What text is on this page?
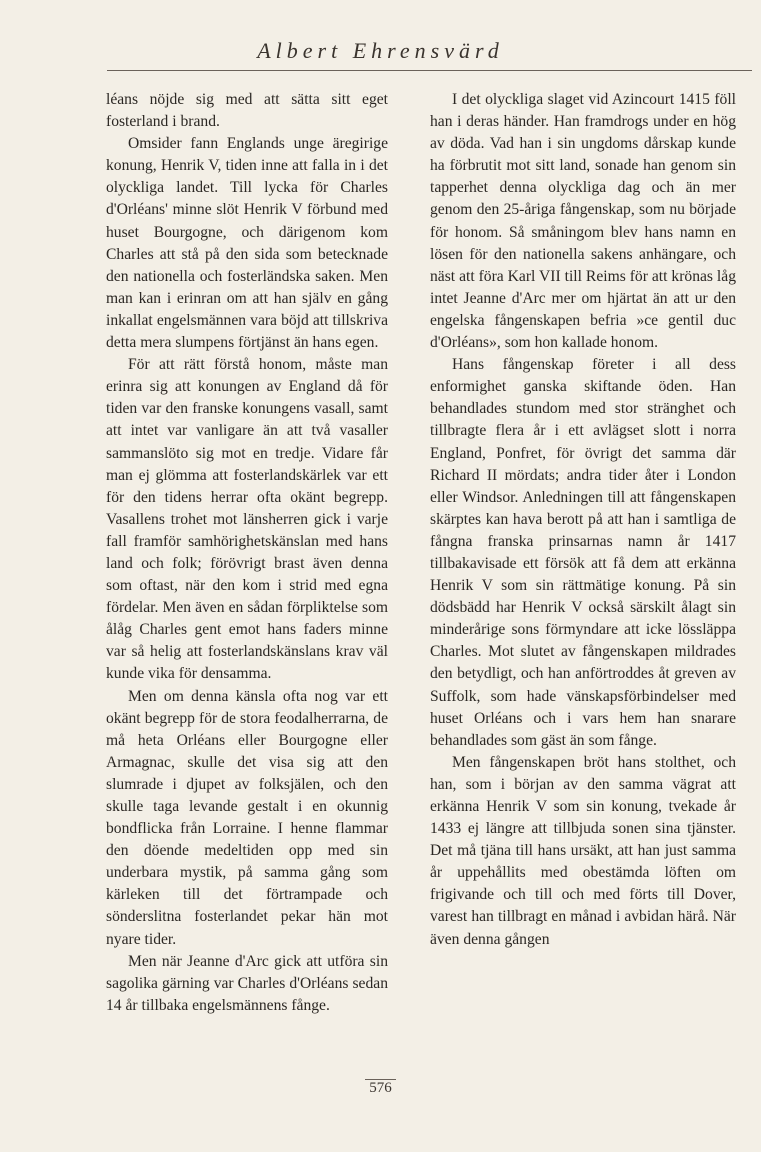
Albert Ehrensvärd

léans nöjde sig med att sätta sitt eget fosterland i brand.

Omsider fann Englands unge äregirige konung, Henrik V, tiden inne att falla in i det olyckliga landet. Till lycka för Charles d'Orléans' minne slöt Henrik V förbund med huset Bourgogne, och därigenom kom Charles att stå på den sida som betecknade den nationella och fosterländska saken. Men man kan i erinran om att han själv en gång inkallat engelsmännen vara böjd att tillskriva detta mera slumpens förtjänst än hans egen.

För att rätt förstå honom, måste man erinra sig att konungen av England då för tiden var den franske konungens vasall, samt att intet var vanligare än att två vasaller sammanslöto sig mot en tredje. Vidare får man ej glömma att fosterlandskärlek var ett för den tidens herrar ofta okänt begrepp. Vasallens trohet mot länsherren gick i varje fall framför samhörighetskänslan med hans land och folk; förövrigt brast även denna som oftast, när den kom i strid med egna fördelar. Men även en sådan förpliktelse som ålåg Charles gent emot hans faders minne var så helig att fosterlandskänslans krav väl kunde vika för densamma.

Men om denna känsla ofta nog var ett okänt begrepp för de stora feodalherrarna, de må heta Orléans eller Bourgogne eller Armagnac, skulle det visa sig att den slumrade i djupet av folksjälen, och den skulle taga levande gestalt i en okunnig bondflicka från Lorraine. I henne flammar den döende medeltiden opp med sin underbara mystik, på samma gång som kärleken till det förtrampade och sönderslitna fosterlandet pekar hän mot nyare tider.

Men när Jeanne d'Arc gick att utföra sin sagolika gärning var Charles d'Orléans sedan 14 år tillbaka engelsmännens fånge.

I det olyckliga slaget vid Azincourt 1415 föll han i deras händer. Han framdrogs under en hög av döda. Vad han i sin ungdoms dårskap kunde ha förbrutit mot sitt land, sonade han genom sin tapperhet denna olyckliga dag och än mer genom den 25-åriga fångenskap, som nu började för honom. Så småningom blev hans namn en lösen för den nationella sakens anhängare, och näst att föra Karl VII till Reims för att krönas låg intet Jeanne d'Arc mer om hjärtat än att ur den engelska fångenskapen befria »ce gentil duc d'Orléans», som hon kallade honom.

Hans fångenskap företer i all dess enformighet ganska skiftande öden. Han behandlades stundom med stor stränghet och tillbragte flera år i ett avlägset slott i norra England, Ponfret, för övrigt det samma där Richard II mördats; andra tider åter i London eller Windsor. Anledningen till att fångenskapen skärptes kan hava berott på att han i samtliga de fångna franska prinsarnas namn år 1417 tillbakavisade ett försök att få dem att erkänna Henrik V som sin rättmätige konung. På sin dödsbädd har Henrik V också särskilt ålagt sin minderårige sons förmyndare att icke lössläppa Charles. Mot slutet av fångenskapen mildrades den betydligt, och han anförtroddes åt greven av Suffolk, som hade vänskapsförbindelser med huset Orléans och i vars hem han snarare behandlades som gäst än som fånge.

Men fångenskapen bröt hans stolthet, och han, som i början av den samma vägrat att erkänna Henrik V som sin konung, tvekade år 1433 ej längre att tillbjuda sonen sina tjänster. Det må tjäna till hans ursäkt, att han just samma år uppehållits med obestämda löften om frigivande och till och med förts till Dover, varest han tillbragt en månad i avbidan härå. När även denna gången

576
